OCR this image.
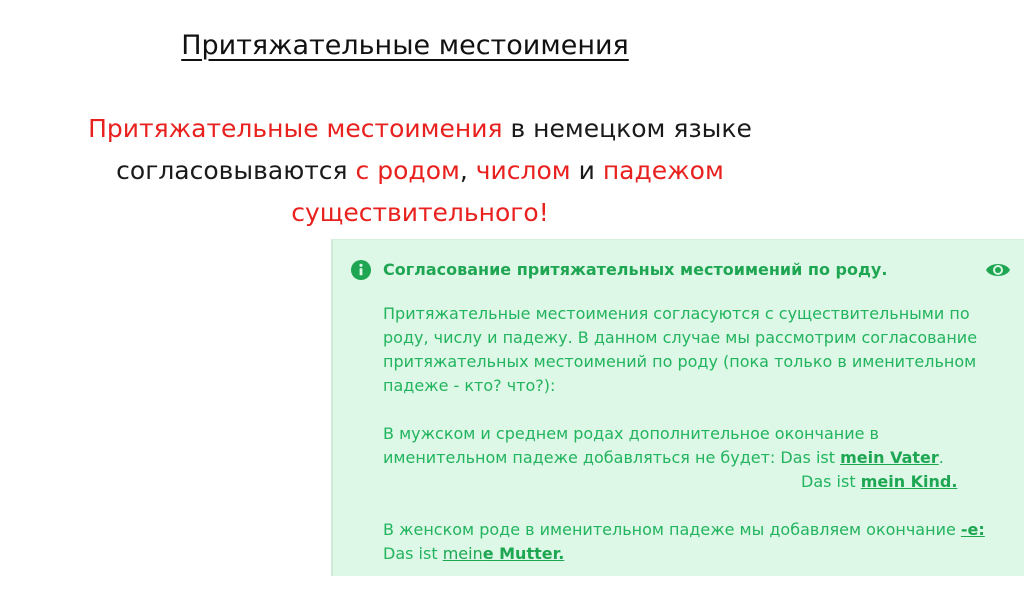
Притяжательные местоимения

Притяжательные местоимения в немецком языке
согласовываются с родом, числом и падежом
существительного!

Согласование притяжательных местоимений по роду.

Притяжательные местоимения согласуются с существительными по роду, числу и падежу. В данном случае мы рассмотрим согласование притяжательных местоимений по роду (пока только в именительном падеже - кто? что?):

В мужском и среднем родах дополнительное окончание в именительном падеже добавляться не будет: Das ist mein Vater.

Das ist mein Kind.

В женском роде в именительном падеже мы добавляем окончание -e: Das ist meine Mutter.
